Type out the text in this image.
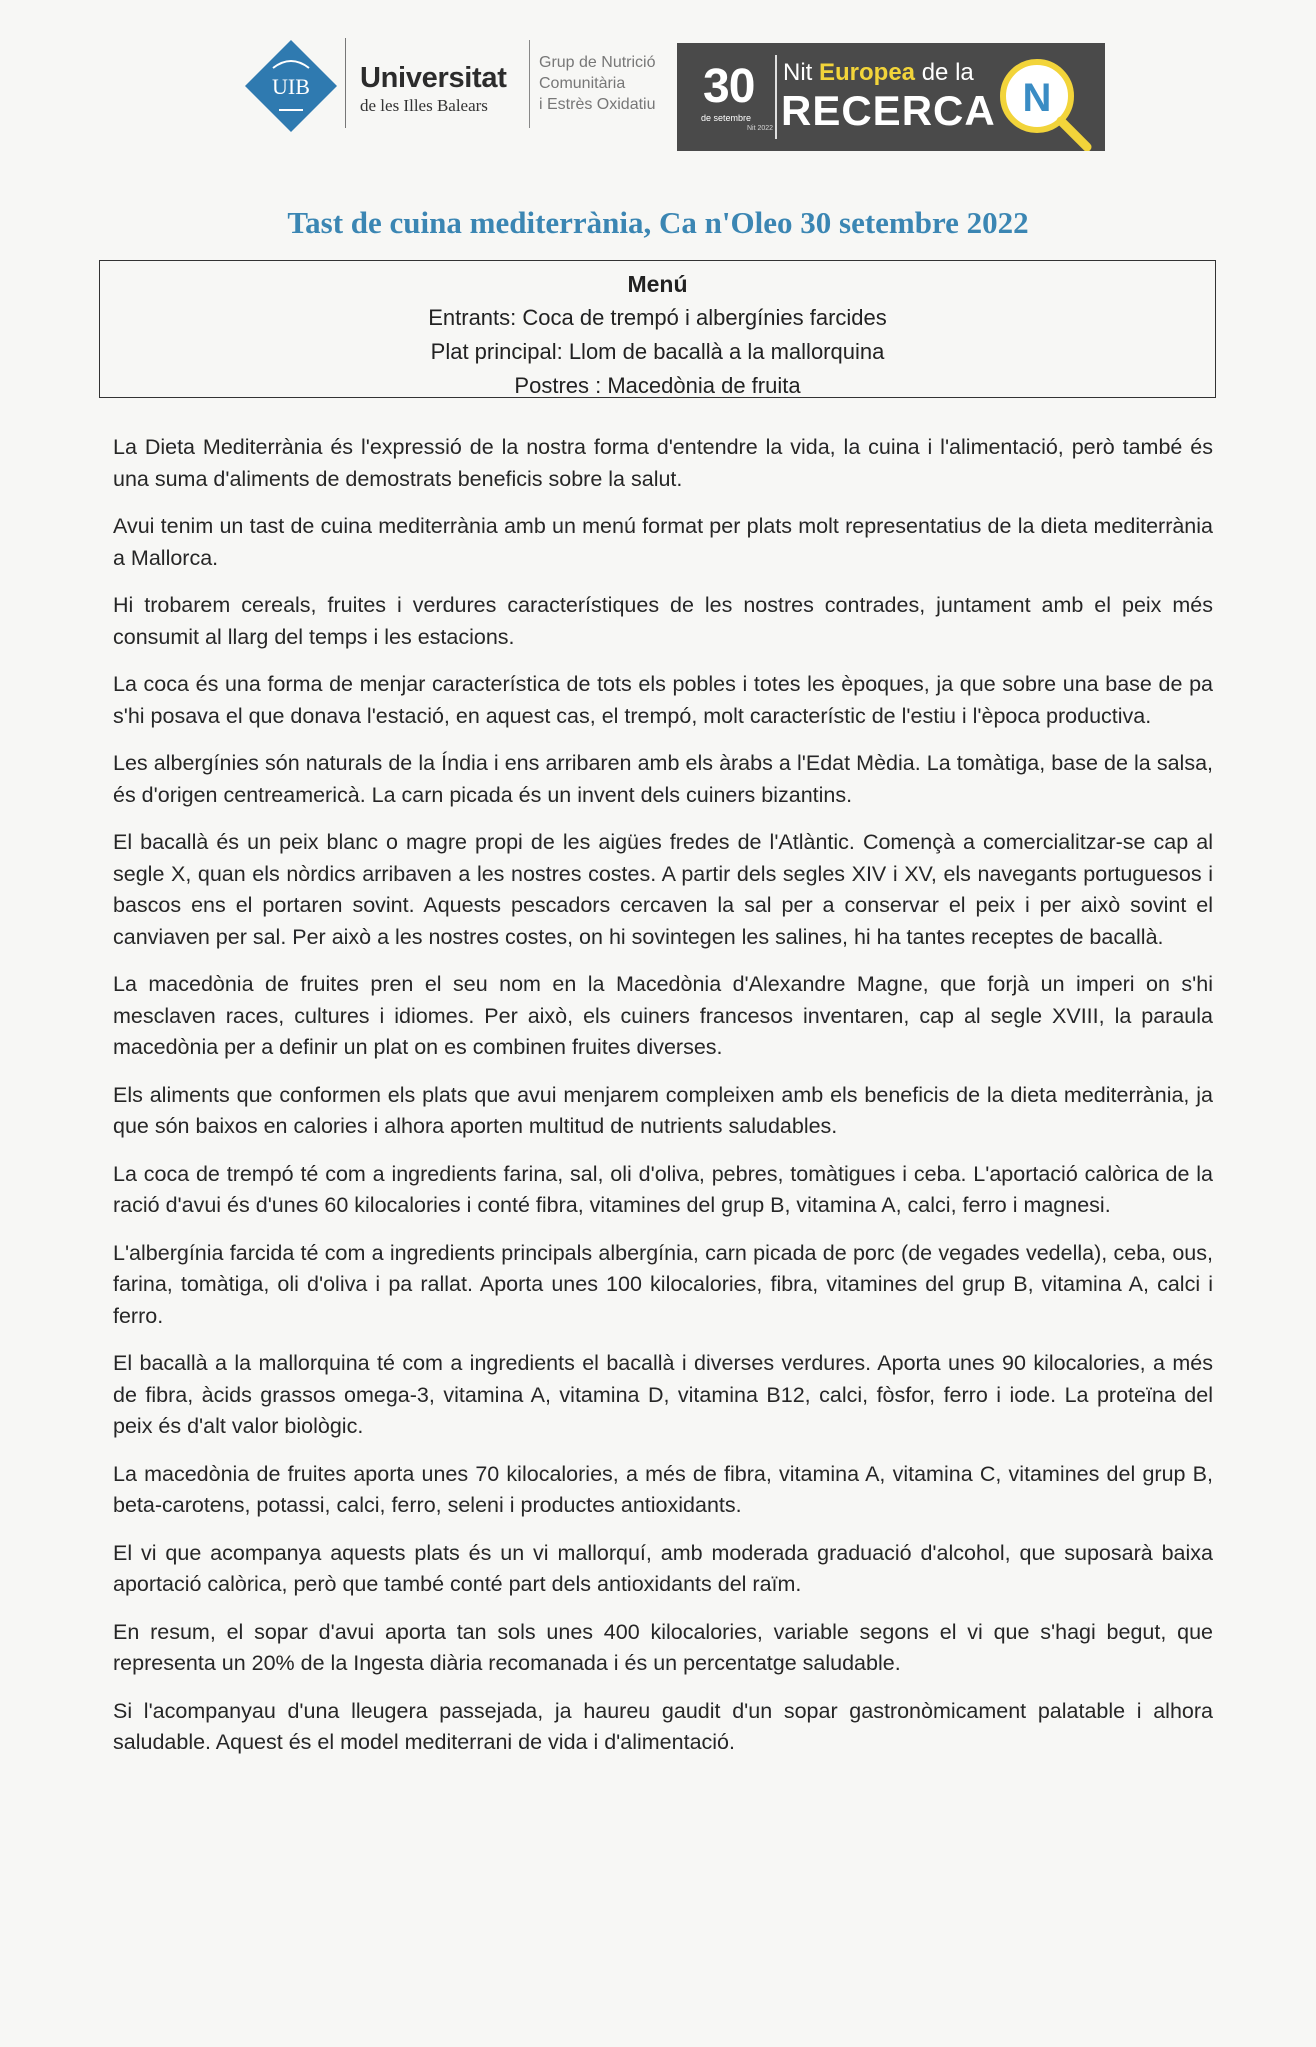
UIB Universitat
de les Illes Balears
Grup de Nutrició
Comunitària
i Estrès Oxidatiu 30
de setembre
Nit 2022
Nit Europea de la
RECERCA N
Tast de cuina mediterrània, Ca n'Oleo 30 setembre 2022
Menú
Entrants: Coca de trempó i albergínies farcides
Plat principal: Llom de bacallà a la mallorquina
Postres : Macedònia de fruita

La Dieta Mediterrània és l'expressió de la nostra forma d'entendre la vida, la cuina i l'alimentació, però també és una suma d'aliments de demostrats beneficis sobre la salut.

Avui tenim un tast de cuina mediterrània amb un menú format per plats molt representatius de la dieta mediterrània a Mallorca.

Hi trobarem cereals, fruites i verdures característiques de les nostres contrades, juntament amb el peix més consumit al llarg del temps i les estacions.

La coca és una forma de menjar característica de tots els pobles i totes les èpoques, ja que sobre una base de pa s'hi posava el que donava l'estació, en aquest cas, el trempó, molt característic de l'estiu i l'època productiva.

Les albergínies són naturals de la Índia i ens arribaren amb els àrabs a l'Edat Mèdia. La tomàtiga, base de la salsa, és d'origen centreamericà. La carn picada és un invent dels cuiners bizantins.

El bacallà és un peix blanc o magre propi de les aigües fredes de l'Atlàntic. Començà a comercialitzar-se cap al segle X, quan els nòrdics arribaven a les nostres costes. A partir dels segles XIV i XV, els navegants portuguesos i bascos ens el portaren sovint. Aquests pescadors cercaven la sal per a conservar el peix i per això sovint el canviaven per sal. Per això a les nostres costes, on hi sovintegen les salines, hi ha tantes receptes de bacallà.

La macedònia de fruites pren el seu nom en la Macedònia d'Alexandre Magne, que forjà un imperi on s'hi mesclaven races, cultures i idiomes. Per això, els cuiners francesos inventaren, cap al segle XVIII, la paraula macedònia per a definir un plat on es combinen fruites diverses.

Els aliments que conformen els plats que avui menjarem compleixen amb els beneficis de la dieta mediterrània, ja que són baixos en calories i alhora aporten multitud de nutrients saludables.

La coca de trempó té com a ingredients farina, sal, oli d'oliva, pebres, tomàtigues i ceba. L'aportació calòrica de la ració d'avui és d'unes 60 kilocalories i conté fibra, vitamines del grup B, vitamina A, calci, ferro i magnesi.

L'albergínia farcida té com a ingredients principals albergínia, carn picada de porc (de vegades vedella), ceba, ous, farina, tomàtiga, oli d'oliva i pa rallat. Aporta unes 100 kilocalories, fibra, vitamines del grup B, vitamina A, calci i ferro.

El bacallà a la mallorquina té com a ingredients el bacallà i diverses verdures. Aporta unes 90 kilocalories, a més de fibra, àcids grassos omega-3, vitamina A, vitamina D, vitamina B12, calci, fòsfor, ferro i iode. La proteïna del peix és d'alt valor biològic.

La macedònia de fruites aporta unes 70 kilocalories, a més de fibra, vitamina A, vitamina C, vitamines del grup B, beta-carotens, potassi, calci, ferro, seleni i productes antioxidants.

El vi que acompanya aquests plats és un vi mallorquí, amb moderada graduació d'alcohol, que suposarà baixa aportació calòrica, però que també conté part dels antioxidants del raïm.

En resum, el sopar d'avui aporta tan sols unes 400 kilocalories, variable segons el vi que s'hagi begut, que representa un 20% de la Ingesta diària recomanada i és un percentatge saludable.

Si l'acompanyau d'una lleugera passejada, ja haureu gaudit d'un sopar gastronòmicament palatable i alhora saludable. Aquest és el model mediterrani de vida i d'alimentació.
